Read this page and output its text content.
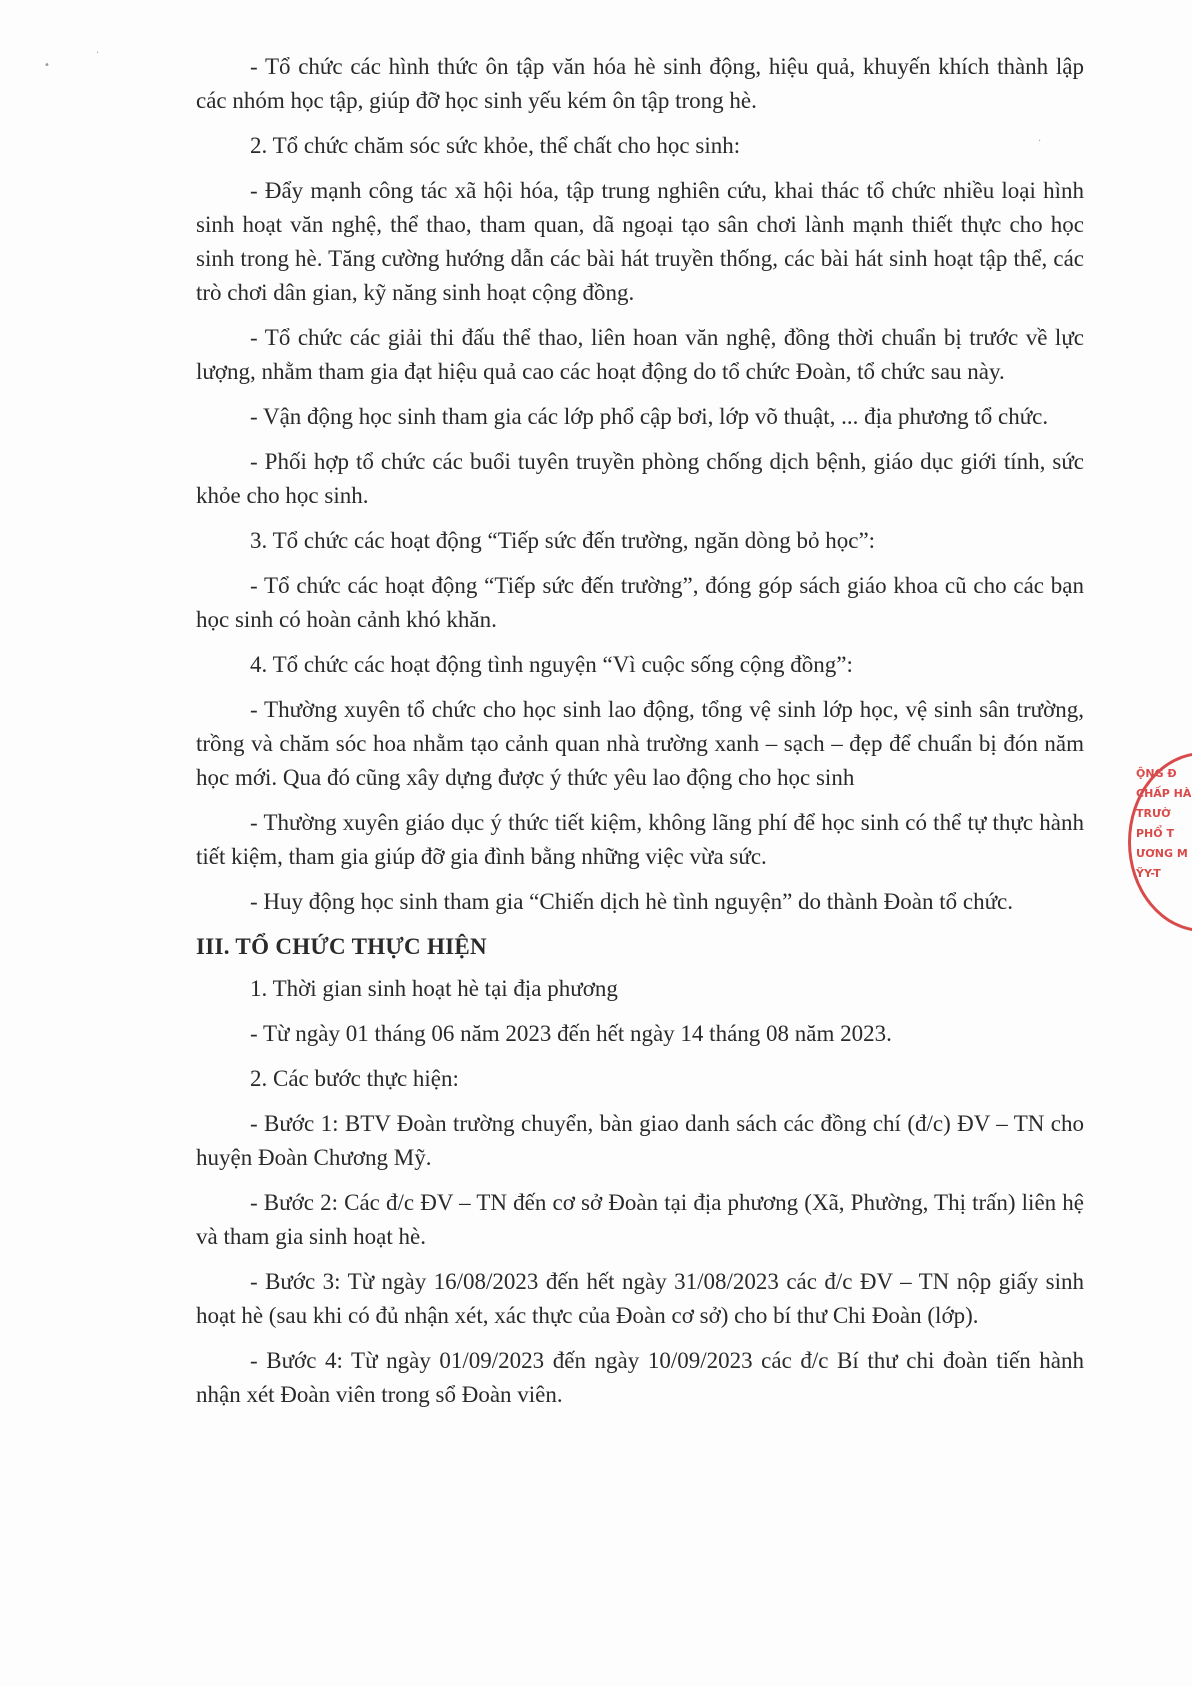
- Tổ chức các hình thức ôn tập văn hóa hè sinh động, hiệu quả, khuyến khích thành lập các nhóm học tập, giúp đỡ học sinh yếu kém ôn tập trong hè.

2. Tổ chức chăm sóc sức khỏe, thể chất cho học sinh:

- Đẩy mạnh công tác xã hội hóa, tập trung nghiên cứu, khai thác tổ chức nhiều loại hình sinh hoạt văn nghệ, thể thao, tham quan, dã ngoại tạo sân chơi lành mạnh thiết thực cho học sinh trong hè. Tăng cường hướng dẫn các bài hát truyền thống, các bài hát sinh hoạt tập thể, các trò chơi dân gian, kỹ năng sinh hoạt cộng đồng.

- Tổ chức các giải thi đấu thể thao, liên hoan văn nghệ, đồng thời chuẩn bị trước về lực lượng, nhằm tham gia đạt hiệu quả cao các hoạt động do tổ chức Đoàn, tổ chức sau này.

- Vận động học sinh tham gia các lớp phổ cập bơi, lớp võ thuật, ... địa phương tổ chức.

- Phối hợp tổ chức các buổi tuyên truyền phòng chống dịch bệnh, giáo dục giới tính, sức khỏe cho học sinh.

3. Tổ chức các hoạt động “Tiếp sức đến trường, ngăn dòng bỏ học”:

- Tổ chức các hoạt động “Tiếp sức đến trường”, đóng góp sách giáo khoa cũ cho các bạn học sinh có hoàn cảnh khó khăn.

4. Tổ chức các hoạt động tình nguyện “Vì cuộc sống cộng đồng”:

- Thường xuyên tổ chức cho học sinh lao động, tổng vệ sinh lớp học, vệ sinh sân trường, trồng và chăm sóc hoa nhằm tạo cảnh quan nhà trường xanh – sạch – đẹp để chuẩn bị đón năm học mới. Qua đó cũng xây dựng được ý thức yêu lao động cho học sinh

- Thường xuyên giáo dục ý thức tiết kiệm, không lãng phí để học sinh có thể tự thực hành tiết kiệm, tham gia giúp đỡ gia đình bằng những việc vừa sức.

- Huy động học sinh tham gia “Chiến dịch hè tình nguyện” do thành Đoàn tổ chức.

III. TỔ CHỨC THỰC HIỆN

1. Thời gian sinh hoạt hè tại địa phương

- Từ ngày 01 tháng 06 năm 2023 đến hết ngày 14 tháng 08 năm 2023.

2. Các bước thực hiện:

- Bước 1: BTV Đoàn trường chuyển, bàn giao danh sách các đồng chí (đ/c) ĐV – TN cho huyện Đoàn Chương Mỹ.

- Bước 2: Các đ/c ĐV – TN đến cơ sở Đoàn tại địa phương (Xã, Phường, Thị trấn) liên hệ và tham gia sinh hoạt hè.

- Bước 3: Từ ngày 16/08/2023 đến hết ngày 31/08/2023 các đ/c ĐV – TN nộp giấy sinh hoạt hè (sau khi có đủ nhận xét, xác thực của Đoàn cơ sở) cho bí thư Chi Đoàn (lớp).

- Bước 4: Từ ngày 01/09/2023 đến ngày 10/09/2023 các đ/c Bí thư chi đoàn tiến hành nhận xét Đoàn viên trong sổ Đoàn viên.

ỘNG Đ
CHẤP HÀ
TRƯỜ
PHỔ T
ƯƠNG M
ỸY-T
•
·
·
